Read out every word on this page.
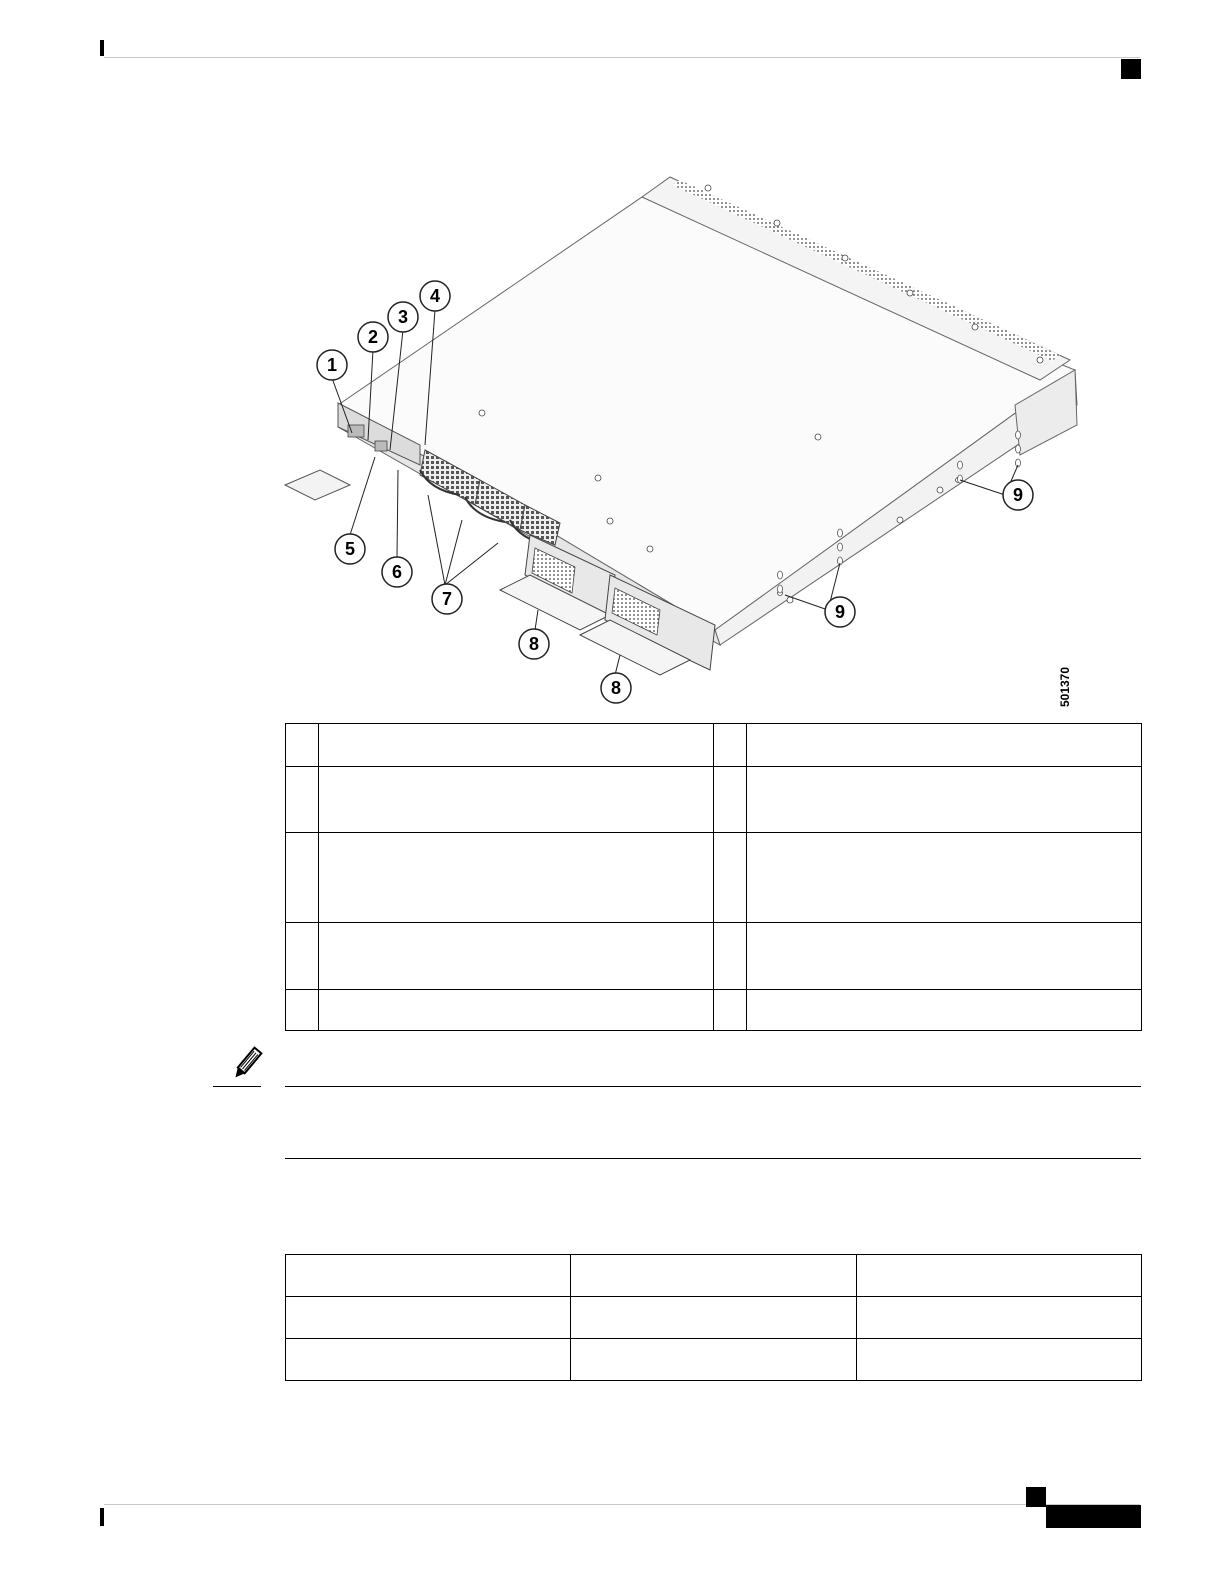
1
2
3
4
5
6
7
8
8
9
9
501370
